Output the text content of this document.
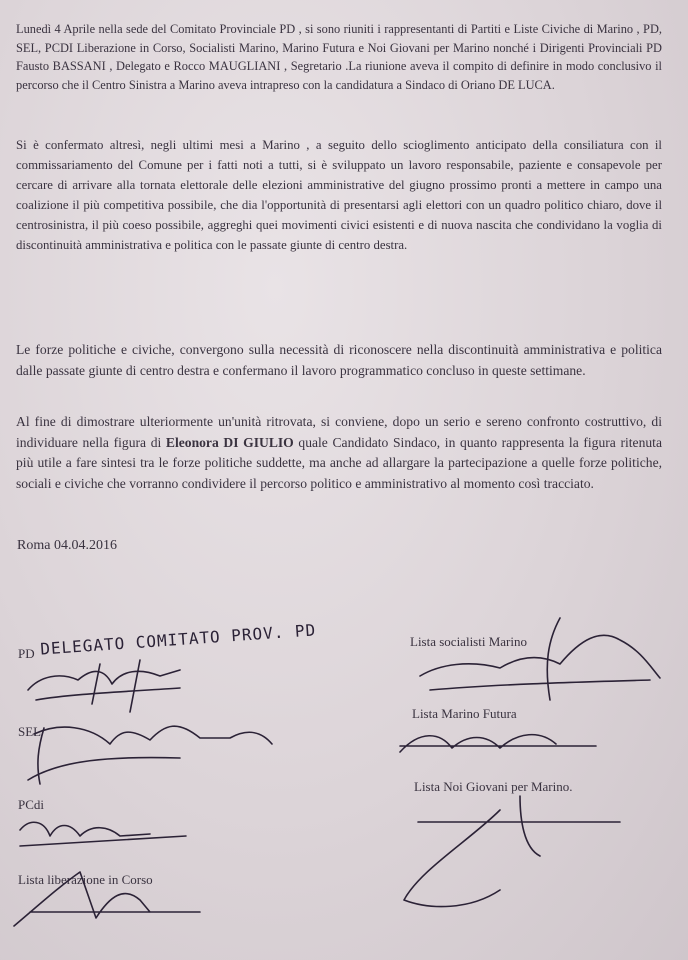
Lunedì 4 Aprile nella sede del Comitato Provinciale PD , si sono riuniti i rappresentanti di Partiti e Liste Civiche di Marino , PD, SEL, PCDI Liberazione in Corso, Socialisti Marino, Marino Futura e Noi Giovani per Marino nonché i Dirigenti Provinciali PD Fausto BASSANI , Delegato e Rocco MAUGLIANI , Segretario .La riunione aveva il compito di definire in modo conclusivo il percorso che il Centro Sinistra a Marino aveva intrapreso con la candidatura a Sindaco di Oriano DE LUCA.

Si è confermato altresì, negli ultimi mesi a Marino , a seguito dello scioglimento anticipato della consiliatura con il commissariamento del Comune per i fatti noti a tutti, si è sviluppato un lavoro responsabile, paziente e consapevole per cercare di arrivare alla tornata elettorale delle elezioni amministrative del giugno prossimo pronti a mettere in campo una coalizione il più competitiva possibile, che dia l'opportunità di presentarsi agli elettori con un quadro politico chiaro, dove il centrosinistra, il più coeso possibile, aggreghi quei movimenti civici esistenti e di nuova nascita che condividano la voglia di discontinuità amministrativa e politica con le passate giunte di centro destra.

Le forze politiche e civiche, convergono sulla necessità di riconoscere nella discontinuità amministrativa e politica dalle passate giunte di centro destra e confermano il lavoro programmatico concluso in queste settimane.

Al fine di dimostrare ulteriormente un'unità ritrovata, si conviene, dopo un serio e sereno confronto costruttivo, di individuare nella figura di Eleonora DI GIULIO quale Candidato Sindaco, in quanto rappresenta la figura ritenuta più utile a fare sintesi tra le forze politiche suddette, ma anche ad allargare la partecipazione a quelle forze politiche, sociali e civiche che vorranno condividere il percorso politico e amministrativo al momento così tracciato.

Roma 04.04.2016
PD DELEGATO COMITATO PROV. PD
SEL
PCdi
Lista liberazione in Corso
Lista socialisti Marino
Lista Marino Futura
Lista Noi Giovani per Marino.
